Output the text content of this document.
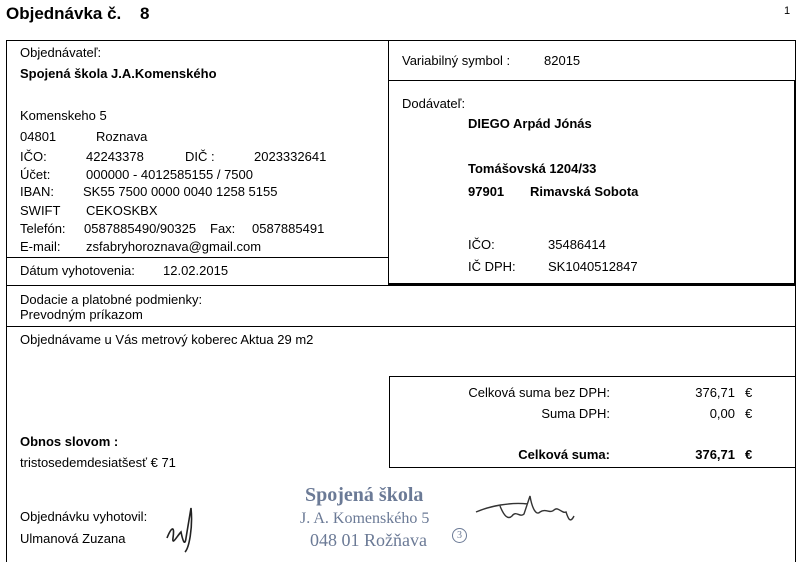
Objednávka č. 8	1
Objednávateľ:
Spojená škola J.A.Komenského
Komenskeho 5
04801	Roznava
IČO:	42243378	DIČ :	2023332641
Účet:	000000 - 4012585155 / 7500
IBAN: SK55 7500 0000 0040 1258 5155
SWIFT CEKOSKBX
Telefón: 0587885490/90325 Fax: 0587885491
E-mail: zsfabryhoroznava@gmail.com
Dátum vyhotovenia: 12.02.2015
Variabilný symbol :	82015
Dodávateľ:
DIEGO Arpád Jónás
Tomášovská 1204/33
97901 Rimavská Sobota
IČO:	35486414
IČ DPH: SK1040512847
Dodacie a platobné podmienky:
Prevodným príkazom
Objednávame u Vás metrový koberec Aktua 29 m2
Celková suma bez DPH:	376,71 €
Suma DPH:	0,00 €
Celková suma:	376,71 €
Obnos slovom :
tristosedemdesiatšesť € 71
Objednávku vyhotovil:
Ulmanová Zuzana
Spojená škola
J. A. Komenského 5
048 01 Rožňava	3
